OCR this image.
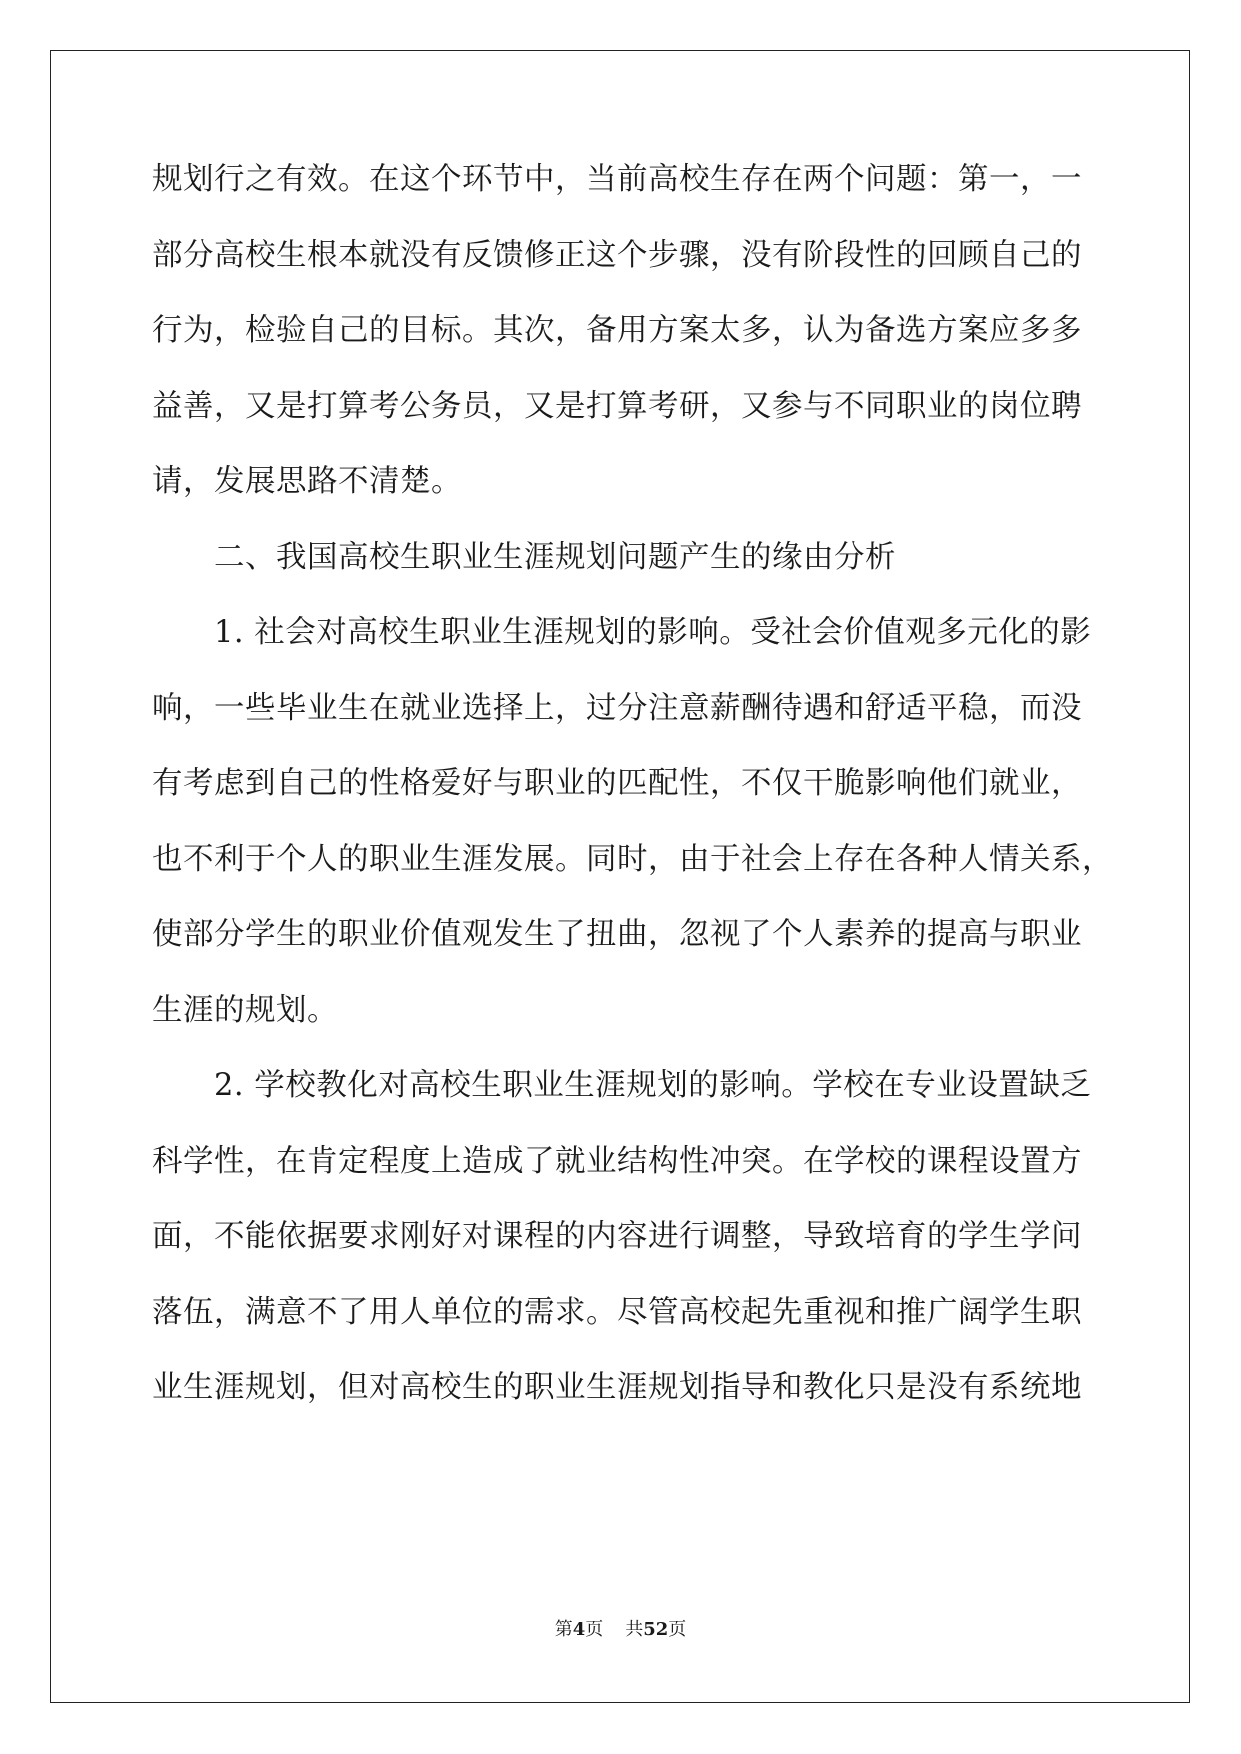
规划行之有效。在这个环节中，当前高校生存在两个问题：第一，一
部分高校生根本就没有反馈修正这个步骤，没有阶段性的回顾自己的
行为，检验自己的目标。其次，备用方案太多，认为备选方案应多多
益善，又是打算考公务员，又是打算考研，又参与不同职业的岗位聘
请，发展思路不清楚。
　　二、我国高校生职业生涯规划问题产生的缘由分析
　　1. 社会对高校生职业生涯规划的影响。受社会价值观多元化的影
响，一些毕业生在就业选择上，过分注意薪酬待遇和舒适平稳，而没
有考虑到自己的性格爱好与职业的匹配性，不仅干脆影响他们就业，
也不利于个人的职业生涯发展。同时，由于社会上存在各种人情关系，
使部分学生的职业价值观发生了扭曲，忽视了个人素养的提高与职业
生涯的规划。
　　2. 学校教化对高校生职业生涯规划的影响。学校在专业设置缺乏
科学性，在肯定程度上造成了就业结构性冲突。在学校的课程设置方
面，不能依据要求刚好对课程的内容进行调整，导致培育的学生学问
落伍，满意不了用人单位的需求。尽管高校起先重视和推广阔学生职
业生涯规划，但对高校生的职业生涯规划指导和教化只是没有系统地
第4页 共52页
